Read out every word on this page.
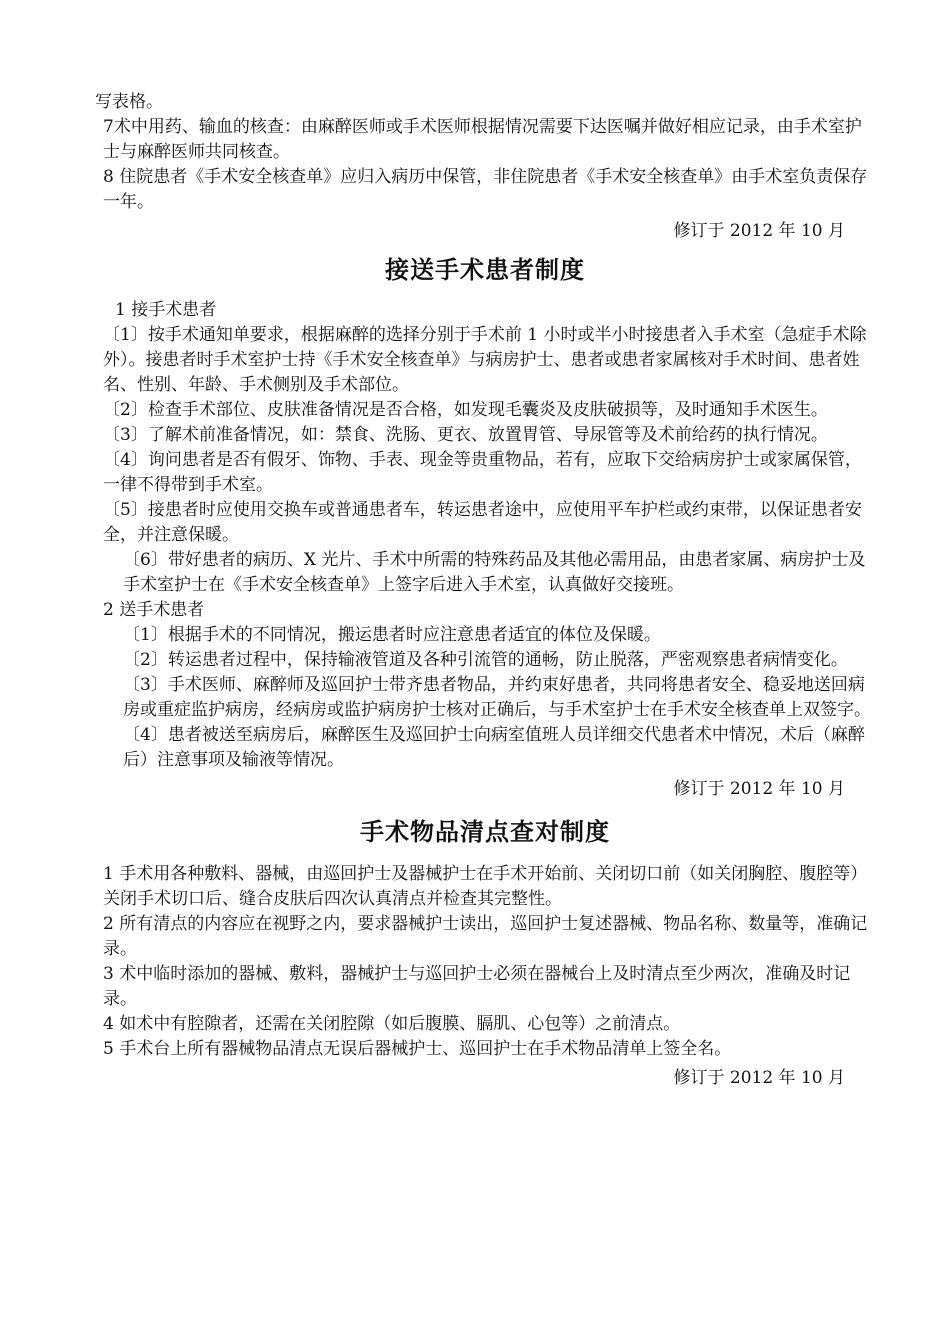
写表格。

7术中用药、输血的核查：由麻醉医师或手术医师根据情况需要下达医嘱并做好相应记录，由手术室护士与麻醉医师共同核查。

8 住院患者《手术安全核查单》应归入病历中保管，非住院患者《手术安全核查单》由手术室负责保存一年。

修订于 2012 年 10 月

接送手术患者制度

1 接手术患者

〔1〕按手术通知单要求，根据麻醉的选择分别于手术前 1 小时或半小时接患者入手术室（急症手术除外）。接患者时手术室护士持《手术安全核查单》与病房护士、患者或患者家属核对手术时间、患者姓名、性别、年龄、手术侧别及手术部位。

〔2〕检查手术部位、皮肤准备情况是否合格，如发现毛囊炎及皮肤破损等，及时通知手术医生。

〔3〕了解术前准备情况，如：禁食、洗肠、更衣、放置胃管、导尿管等及术前给药的执行情况。

〔4〕询问患者是否有假牙、饰物、手表、现金等贵重物品，若有，应取下交给病房护士或家属保管，一律不得带到手术室。

〔5〕接患者时应使用交换车或普通患者车，转运患者途中，应使用平车护栏或约束带，以保证患者安全，并注意保暖。

〔6〕带好患者的病历、X 光片、手术中所需的特殊药品及其他必需用品，由患者家属、病房护士及手术室护士在《手术安全核查单》上签字后进入手术室，认真做好交接班。

2 送手术患者

〔1〕根据手术的不同情况，搬运患者时应注意患者适宜的体位及保暖。

〔2〕转运患者过程中，保持输液管道及各种引流管的通畅，防止脱落，严密观察患者病情变化。

〔3〕手术医师、麻醉师及巡回护士带齐患者物品，并约束好患者，共同将患者安全、稳妥地送回病房或重症监护病房，经病房或监护病房护士核对正确后，与手术室护士在手术安全核查单上双签字。

〔4〕患者被送至病房后，麻醉医生及巡回护士向病室值班人员详细交代患者术中情况，术后（麻醉后）注意事项及输液等情况。

修订于 2012 年 10 月

手术物品清点查对制度

1 手术用各种敷料、器械，由巡回护士及器械护士在手术开始前、关闭切口前（如关闭胸腔、腹腔等）关闭手术切口后、缝合皮肤后四次认真清点并检查其完整性。

2 所有清点的内容应在视野之内，要求器械护士读出，巡回护士复述器械、物品名称、数量等，准确记录。

3 术中临时添加的器械、敷料，器械护士与巡回护士必须在器械台上及时清点至少两次，准确及时记录。

4 如术中有腔隙者，还需在关闭腔隙（如后腹膜、膈肌、心包等）之前清点。

5 手术台上所有器械物品清点无误后器械护士、巡回护士在手术物品清单上签全名。

修订于 2012 年 10 月
